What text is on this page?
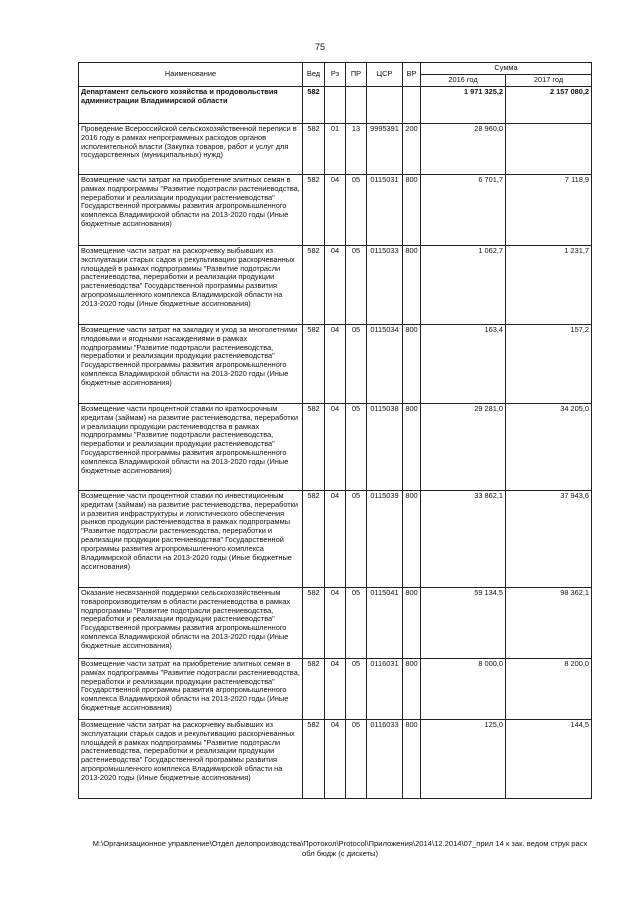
75
Наименование	Вед	Рз	ПР	ЦСР	ВР	Сумма	
						2016 год	2017 год
Департамент сельского хозяйства и продовольствия администрации Владимирской области	582					1 971 325,2	2 157 080,2
Проведение Всероссийской сельскохозяйственной переписи в 2016 году в рамках непрограммных расходов органов исполнительной власти (Закупка товаров, работ и услуг для государственных (муниципальных) нужд)	582	01	13	9995391	200	28 960,0	
Возмещение части затрат на приобретение элитных семян в рамках подпрограммы "Развитие подотрасли растениеводства, переработки и реализации продукции растениеводства" Государственной программы развития агропромышленного комплекса Владимирской области на 2013-2020 годы (Иные бюджетные ассигнования)	582	04	05	0115031	800	6 701,7	7 118,9
Возмещение части затрат на раскорчевку выбывших из эксплуатации старых садов и рекультивацию раскорчеванных площадей в рамках подпрограммы "Развитие подотрасли растениеводства, переработки и реализации продукции растениеводства" Государственной программы развития агропромышленного комплекса Владимирской области на 2013-2020 годы (Иные бюджетные ассигнования)	582	04	05	0115033	800	1 062,7	1 231,7
Возмещение части затрат на закладку и уход за многолетними плодовыми и ягодными насаждениями в рамках подпрограммы "Развитие подотрасли растениеводства, переработки и реализации продукции растениеводства" Государственной программы развития агропромышленного комплекса Владимирской области на 2013-2020 годы (Иные бюджетные ассигнования)	582	04	05	0115034	800	163,4	157,2
Возмещение части процентной ставки по краткосрочным кредитам (займам) на развитие растениеводства, переработки и реализации продукции растениеводства в рамках подпрограммы "Развитие подотрасли растениеводства, переработки и реализации продукции растениеводства" Государственной программы развития агропромышленного комплекса Владимирской области на 2013-2020 годы (Иные бюджетные ассигнования)	582	04	05	0115038	800	29 281,0	34 205,0
Возмещение части процентной ставки по инвестиционным кредитам (займам) на развитие растениеводства, переработки и развития инфраструктуры и логистического обеспечения рынков продукции растениеводства в рамках подпрограммы "Развитие подотрасли растениеводства, переработки и реализации продукции растениеводства" Государственной программы развития агропромышленного комплекса Владимирской области на 2013-2020 годы (Иные бюджетные ассигнования)	582	04	05	0115039	800	33 862,1	37 943,6
Оказание несвязанной поддержки сельскохозяйственным товаропроизводителям в области растениеводства в рамках подпрограммы "Развитие подотрасли растениеводства, переработки и реализации продукции растениеводства" Государственной программы развития агропромышленного комплекса Владимирской области на 2013-2020 годы (Иные бюджетные ассигнования)	582	04	05	0115041	800	59 134,5	98 362,1
Возмещение части затрат на приобретение элитных семян в рамках подпрограммы "Развитие подотрасли растениеводства, переработки и реализации продукции растениеводства" Государственной программы развития агропромышленного комплекса Владимирской области на 2013-2020 годы (Иные бюджетные ассигнования)	582	04	05	0116031	800	8 000,0	8 200,0
Возмещение части затрат на раскорчевку выбывших из эксплуатации старых садов и рекультивацию раскорчеванных площадей в рамках подпрограммы "Развитие подотрасли растениеводства, переработки и реализации продукции растениеводства" Государственной программы развития агропромышленного комплекса Владимирской области на 2013-2020 годы (Иные бюджетные ассигнования)	582	04	05	0116033	800	125,0	144,5
M:\Организационное управление\Отдел делопроизводства\Протокол\Protocol\Приложения\2014\12.2014\07_прил 14 к зак. ведом струк расх обл бюдж (с дискеты)
